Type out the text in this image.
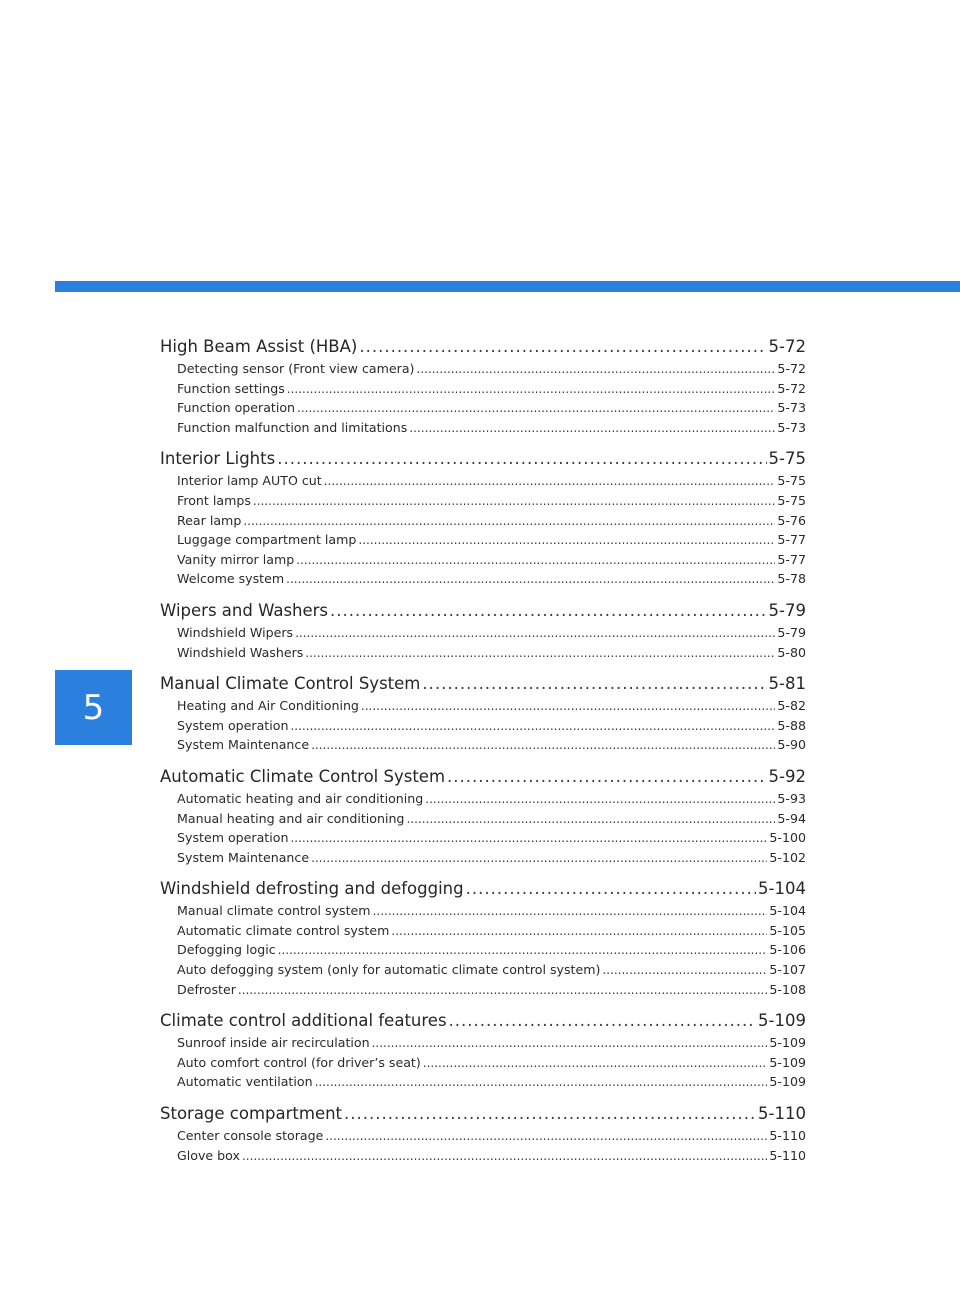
5
High Beam Assist (HBA) .....	5-72
Detecting sensor (Front view camera) .....	5-72
Function settings .....	5-72
Function operation .....	5-73
Function malfunction and limitations .....	5-73
Interior Lights .....	5-75
Interior lamp AUTO cut .....	5-75
Front lamps .....	5-75
Rear lamp .....	5-76
Luggage compartment lamp .....	5-77
Vanity mirror lamp .....	5-77
Welcome system .....	5-78
Wipers and Washers .....	5-79
Windshield Wipers .....	5-79
Windshield Washers .....	5-80
Manual Climate Control System .....	5-81
Heating and Air Conditioning .....	5-82
System operation .....	5-88
System Maintenance .....	5-90
Automatic Climate Control System .....	5-92
Automatic heating and air conditioning .....	5-93
Manual heating and air conditioning .....	5-94
System operation .....	5-100
System Maintenance .....	5-102
Windshield defrosting and defogging .....	5-104
Manual climate control system .....	5-104
Automatic climate control system .....	5-105
Defogging logic .....	5-106
Auto defogging system (only for automatic climate control system) .....	5-107
Defroster .....	5-108
Climate control additional features .....	5-109
Sunroof inside air recirculation .....	5-109
Auto comfort control (for driver’s seat) .....	5-109
Automatic ventilation .....	5-109
Storage compartment .....	5-110
Center console storage .....	5-110
Glove box .....	5-110
